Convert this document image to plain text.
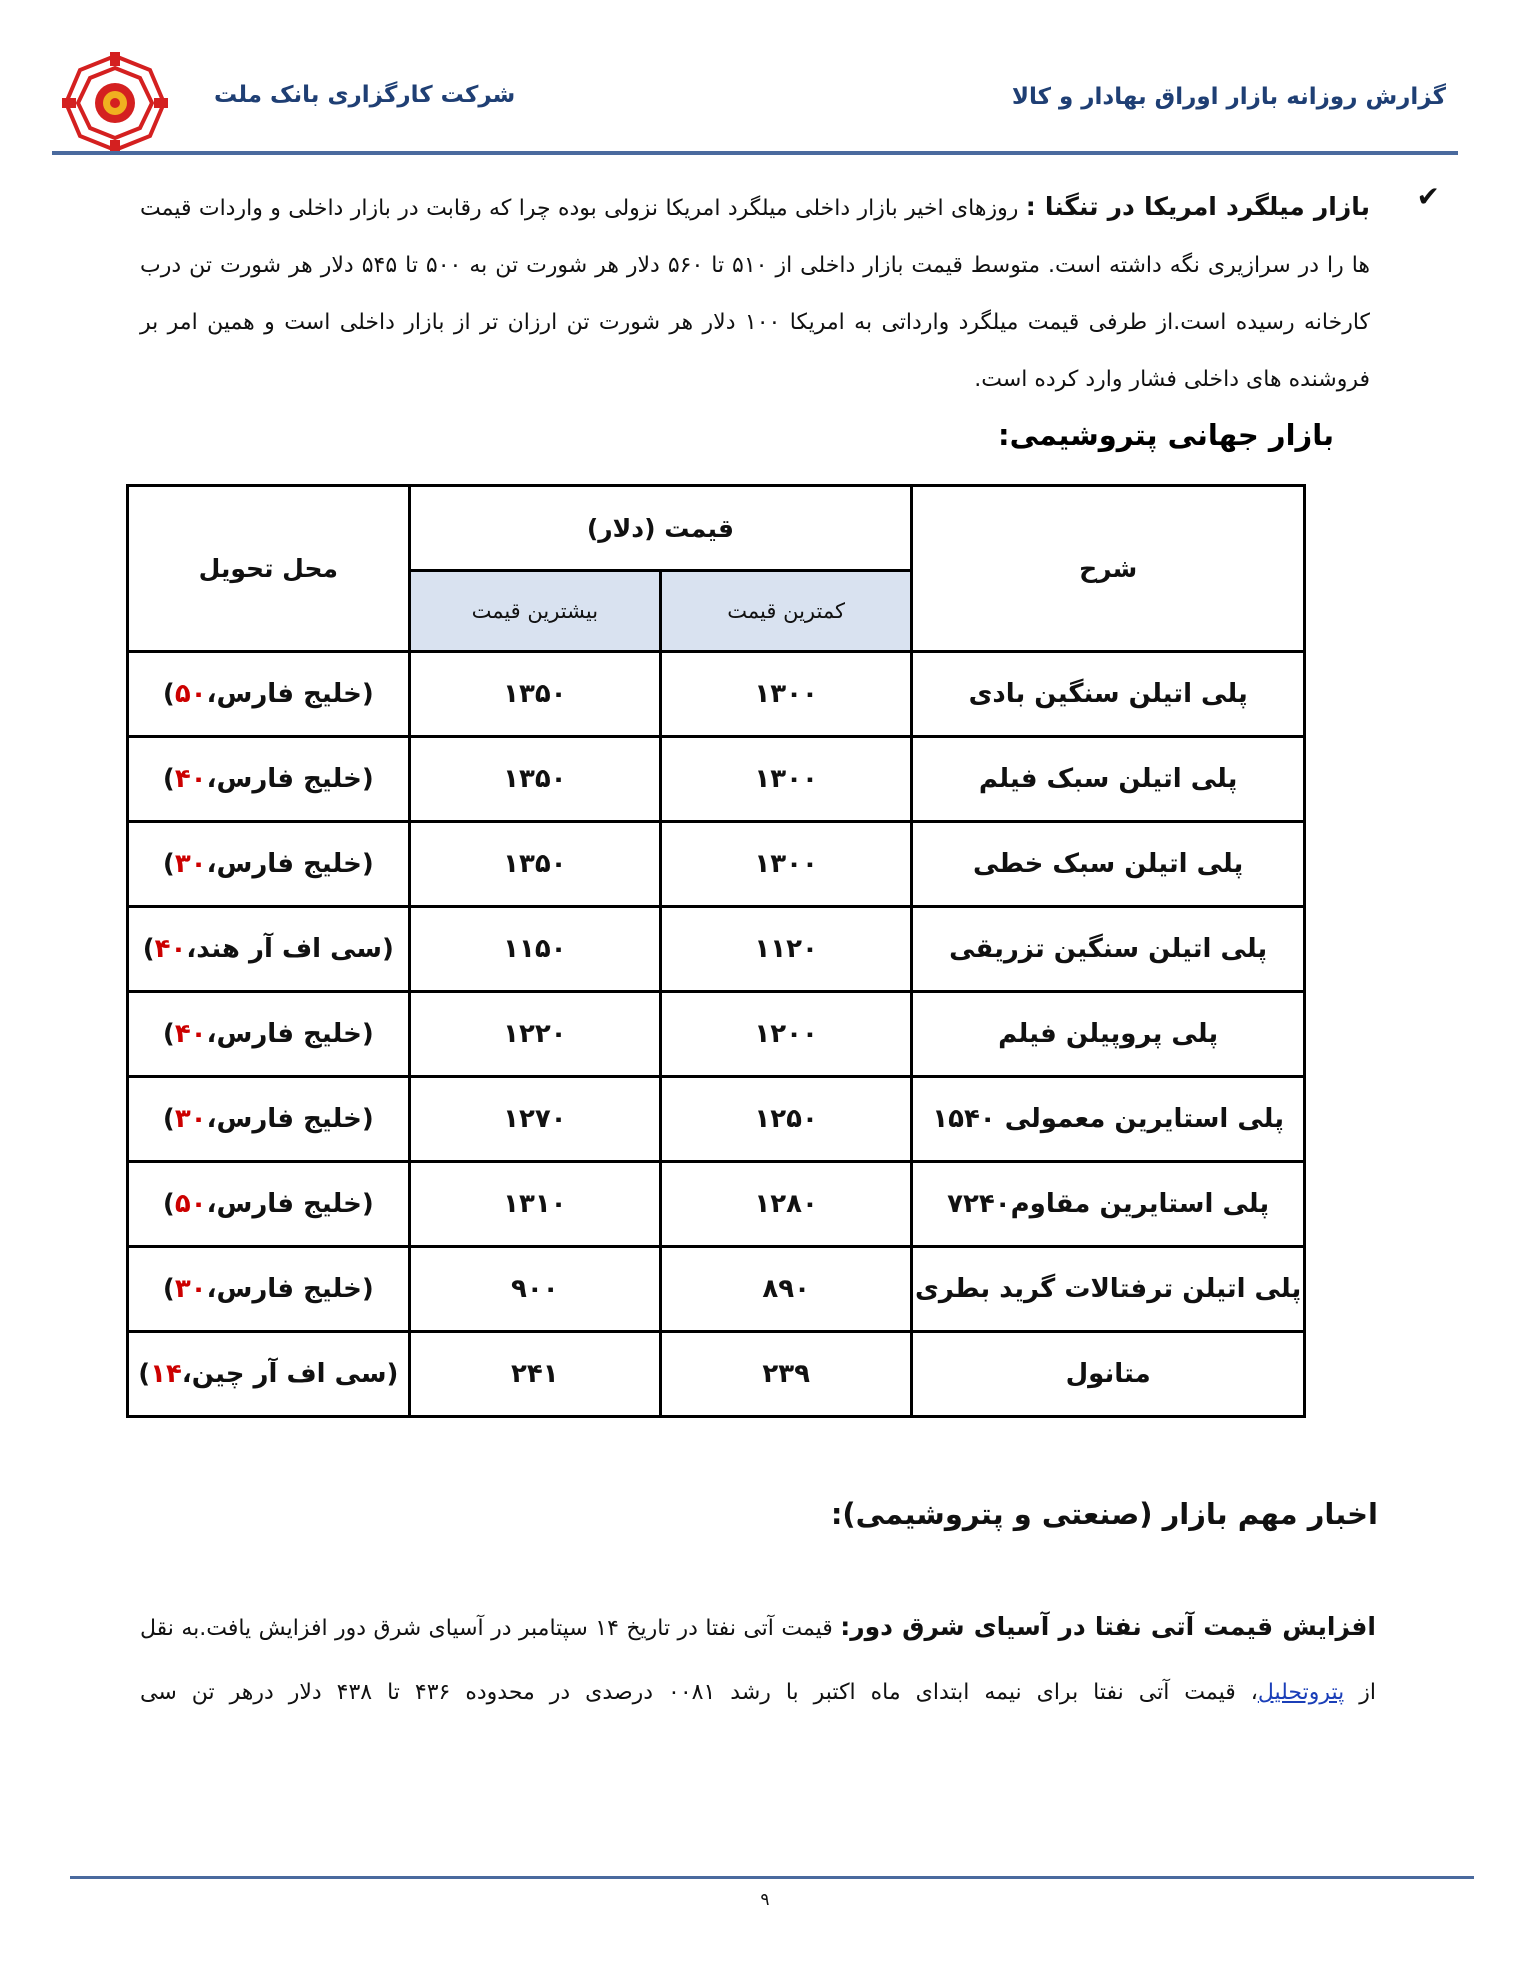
شرکت کارگزاری بانک ملت	گزارش روزانه بازار اوراق بهادار و کالا
✔
بازار میلگرد امریکا در تنگنا : روزهای اخیر بازار داخلی میلگرد امریکا نزولی بوده چرا که رقابت در بازار داخلی و واردات قیمت ها را در سرازیری نگه داشته است. متوسط قیمت بازار داخلی از ۵۱۰ تا ۵۶۰ دلار هر شورت تن به ۵۰۰ تا ۵۴۵ دلار هر شورت تن درب کارخانه رسیده است.از طرفی قیمت میلگرد وارداتی به امریکا ۱۰۰ دلار هر شورت تن ارزان تر از بازار داخلی است و همین امر بر فروشنده های داخلی فشار وارد کرده است.
بازار جهانی پتروشیمی:
شرح	قیمت (دلار)		محل تحویل
	کمترین قیمت	بیشترین قیمت	
پلی اتیلن سنگین بادی	۱۳۰۰	۱۳۵۰	(خلیج فارس،۵۰)
پلی اتیلن سبک فیلم	۱۳۰۰	۱۳۵۰	(خلیج فارس،۴۰)
پلی اتیلن سبک خطی	۱۳۰۰	۱۳۵۰	(خلیج فارس،۳۰)
پلی اتیلن سنگین تزریقی	۱۱۲۰	۱۱۵۰	(سی اف آر هند،۴۰)
پلی پروپیلن فیلم	۱۲۰۰	۱۲۲۰	(خلیج فارس،۴۰)
پلی استایرین معمولی ۱۵۴۰	۱۲۵۰	۱۲۷۰	(خلیج فارس،۳۰)
پلی استایرین مقاوم۷۲۴۰	۱۲۸۰	۱۳۱۰	(خلیج فارس،۵۰)
پلی اتیلن ترفتالات گرید بطری	۸۹۰	۹۰۰	(خلیج فارس،۳۰)
متانول	۲۳۹	۲۴۱	(سی اف آر چین،۱۴)
اخبار مهم بازار (صنعتی و پتروشیمی):
افزایش قیمت آتی نفتا در آسیای شرق دور: قیمت آتی نفتا در تاریخ ۱۴ سپتامبر در آسیای شرق دور افزایش یافت.به نقل از پتروتحلیل، قیمت آتی نفتا برای نیمه ابتدای ماه اکتبر با رشد ۰۰۸۱ درصدی در محدوده ۴۳۶ تا ۴۳۸ دلار درهر تن سی
۹
